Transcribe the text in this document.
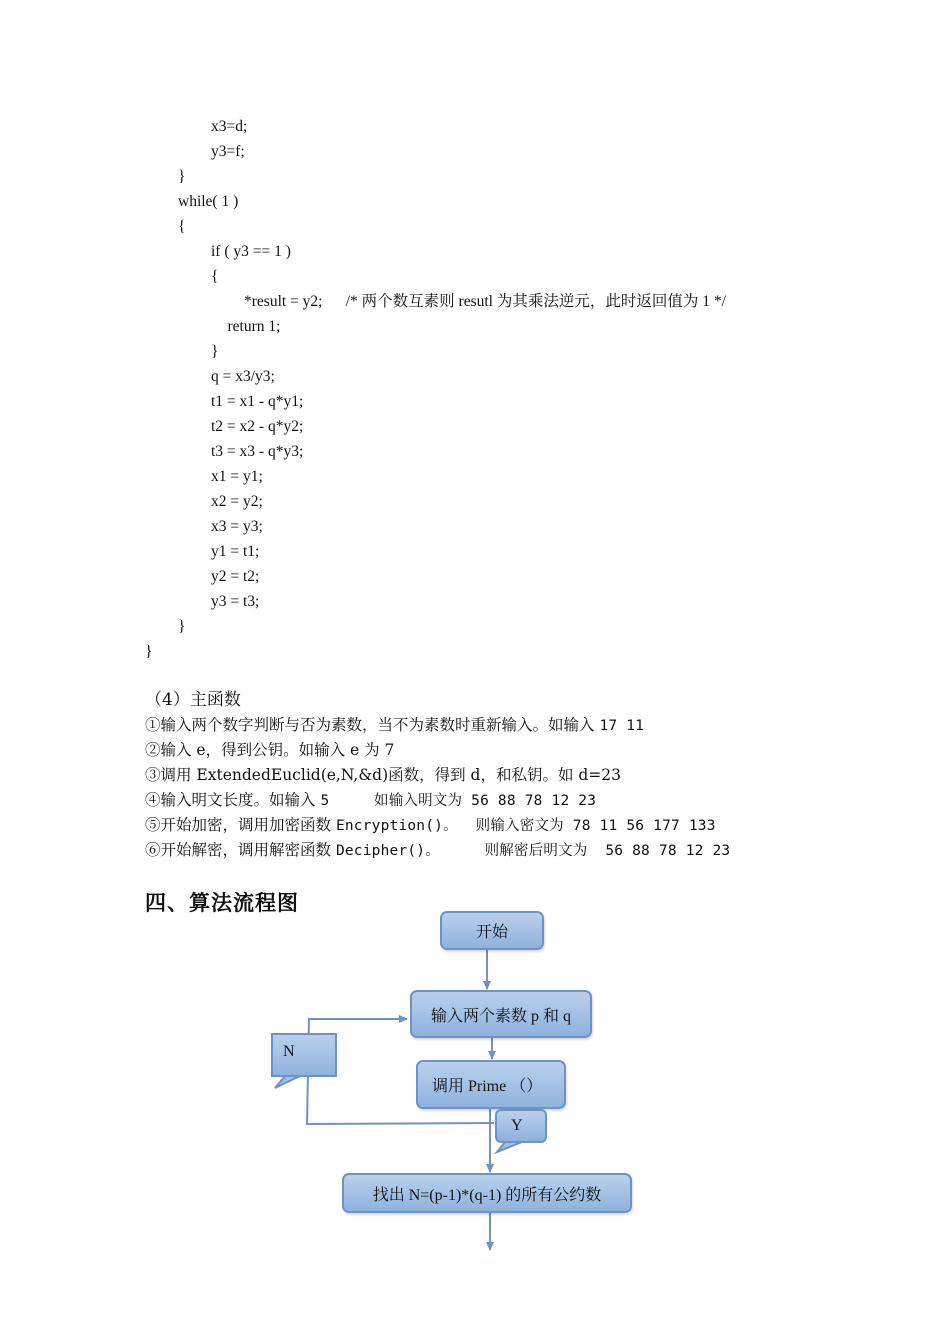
x3=d;
y3=f;
}
while( 1 )
{
if ( y3 == 1 )
{
*result = y2;      /* 两个数互素则 resutl 为其乘法逆元，此时返回值为 1 */
return 1;
}
q = x3/y3;
t1 = x1 - q*y1;
t2 = x2 - q*y2;
t3 = x3 - q*y3;
x1 = y1;
x2 = y2;
x3 = y3;
y1 = t1;
y2 = t2;
y3 = t3;
}
}
（4）主函数
①输入两个数字判断与否为素数，当不为素数时重新输入。如输入 17 11
②输入 e，得到公钥。如输入 e 为 7
③调用 ExtendedEuclid(e,N,&d)函数，得到 d，和私钥。如 d=23
④输入明文长度。如输入 5     如输入明文为 56 88 78 12 23
⑤开始加密，调用加密函数 Encryption()。  则输入密文为 78 11 56 177 133
⑥开始解密，调用解密函数 Decipher()。     则解密后明文为  56 88 78 12 23
四、算法流程图
开始
输入两个素数 p 和 q
调用 Prime （）
找出 N=(p-1)*(q-1) 的所有公约数
N
Y
